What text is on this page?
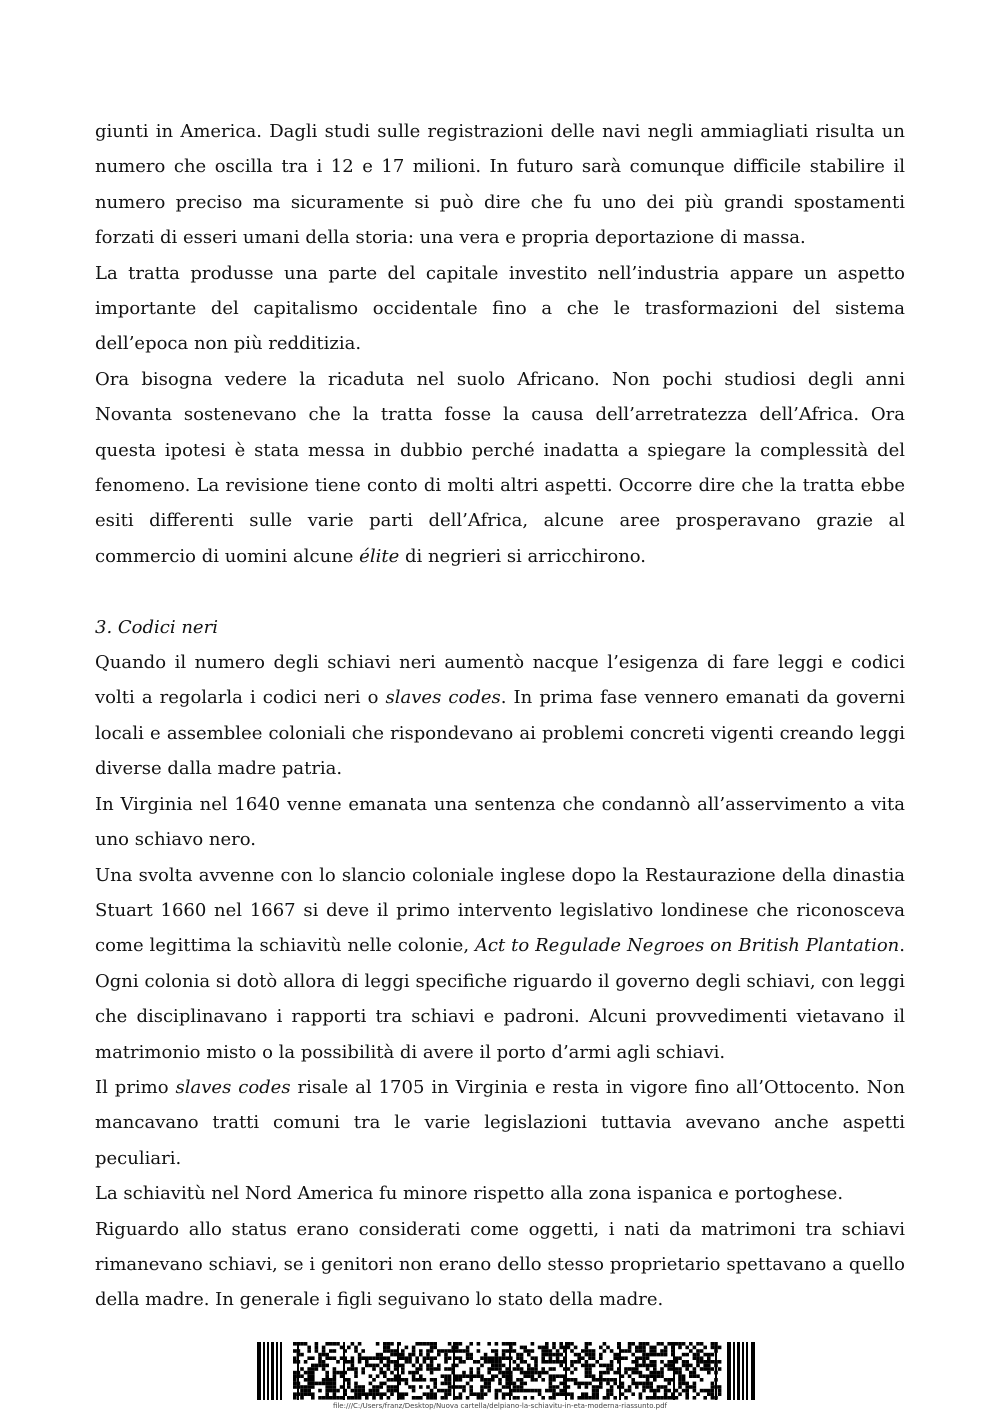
giunti in America. Dagli studi sulle registrazioni delle navi negli ammiagliati risulta un numero che oscilla tra i 12 e 17 milioni. In futuro sarà comunque difficile stabilire il numero preciso ma sicuramente si può dire che fu uno dei più grandi spostamenti forzati di esseri umani della storia: una vera e propria deportazione di massa.

La tratta produsse una parte del capitale investito nell’industria appare un aspetto importante del capitalismo occidentale fino a che le trasformazioni del sistema dell’epoca non più redditizia.

Ora bisogna vedere la ricaduta nel suolo Africano. Non pochi studiosi degli anni Novanta sostenevano che la tratta fosse la causa dell’arretratezza dell’Africa. Ora questa ipotesi è stata messa in dubbio perché inadatta a spiegare la complessità del fenomeno. La revisione tiene conto di molti altri aspetti. Occorre dire che la tratta ebbe esiti differenti sulle varie parti dell’Africa, alcune aree prosperavano grazie al commercio di uomini alcune élite di negrieri si arricchirono.

3. Codici neri

Quando il numero degli schiavi neri aumentò nacque l’esigenza di fare leggi e codici volti a regolarla i codici neri o slaves codes. In prima fase vennero emanati da governi locali e assemblee coloniali che rispondevano ai problemi concreti vigenti creando leggi diverse dalla madre patria.

In Virginia nel 1640 venne emanata una sentenza che condannò all’asservimento a vita uno schiavo nero.

Una svolta avvenne con lo slancio coloniale inglese dopo la Restaurazione della dinastia Stuart 1660 nel 1667 si deve il primo intervento legislativo londinese che riconosceva come legittima la schiavitù nelle colonie, Act to Regulade Negroes on British Plantation. Ogni colonia si dotò allora di leggi specifiche riguardo il governo degli schiavi, con leggi che disciplinavano i rapporti tra schiavi e padroni. Alcuni provvedimenti vietavano il matrimonio misto o la possibilità di avere il porto d’armi agli schiavi.

Il primo slaves codes risale al 1705 in Virginia e resta in vigore fino all’Ottocento. Non mancavano tratti comuni tra le varie legislazioni tuttavia avevano anche aspetti peculiari.

La schiavitù nel Nord America fu minore rispetto alla zona ispanica e portoghese.

Riguardo allo status erano considerati come oggetti, i nati da matrimoni tra schiavi rimanevano schiavi, se i genitori non erano dello stesso proprietario spettavano a quello della madre. In generale i figli seguivano lo stato della madre.

file:///C:/Users/franz/Desktop/Nuova cartella/delpiano-la-schiavitu-in-eta-moderna-riassunto.pdf
